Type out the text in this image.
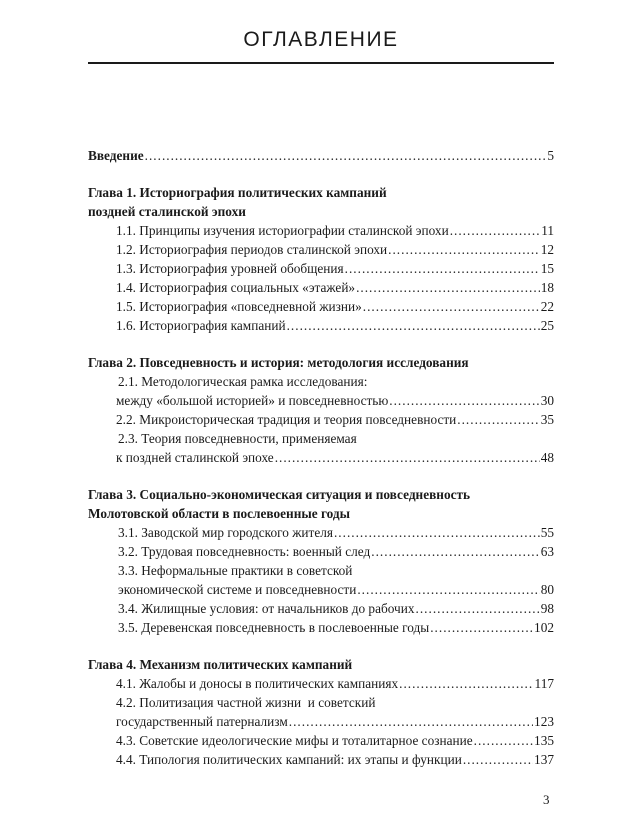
ОГЛАВЛЕНИЕ
Введение .....	5
Глава 1. Историография политических кампаний
поздней сталинской эпохи
1.1. Принципы изучения историографии сталинской эпохи .....	11
1.2. Историография периодов сталинской эпохи .....	12
1.3. Историография уровней обобщения .....	15
1.4. Историография социальных «этажей» .....	18
1.5. Историография «повседневной жизни» .....	22
1.6. Историография кампаний .....	25
Глава 2. Повседневность и история: методология исследования
2.1. Методологическая рамка исследования:
между «большой историей» и повседневностью .....	30
2.2. Микроисторическая традиция и теория повседневности .....	35
2.3. Теория повседневности, применяемая
к поздней сталинской эпохе .....	48
Глава 3. Социально-экономическая ситуация и повседневность
Молотовской области в послевоенные годы
3.1. Заводской мир городского жителя .....	55
3.2. Трудовая повседневность: военный след .....	63
3.3. Неформальные практики в советской
экономической системе и повседневности .....	80
3.4. Жилищные условия: от начальников до рабочих .....	98
3.5. Деревенская повседневность в послевоенные годы .....	102
Глава 4. Механизм политических кампаний
4.1. Жалобы и доносы в политических кампаниях .....	117
4.2. Политизация частной жизни  и советский
государственный патернализм .....	123
4.3. Советские идеологические мифы и тоталитарное сознание .....	135
4.4. Типология политических кампаний: их этапы и функции .....	137
3
